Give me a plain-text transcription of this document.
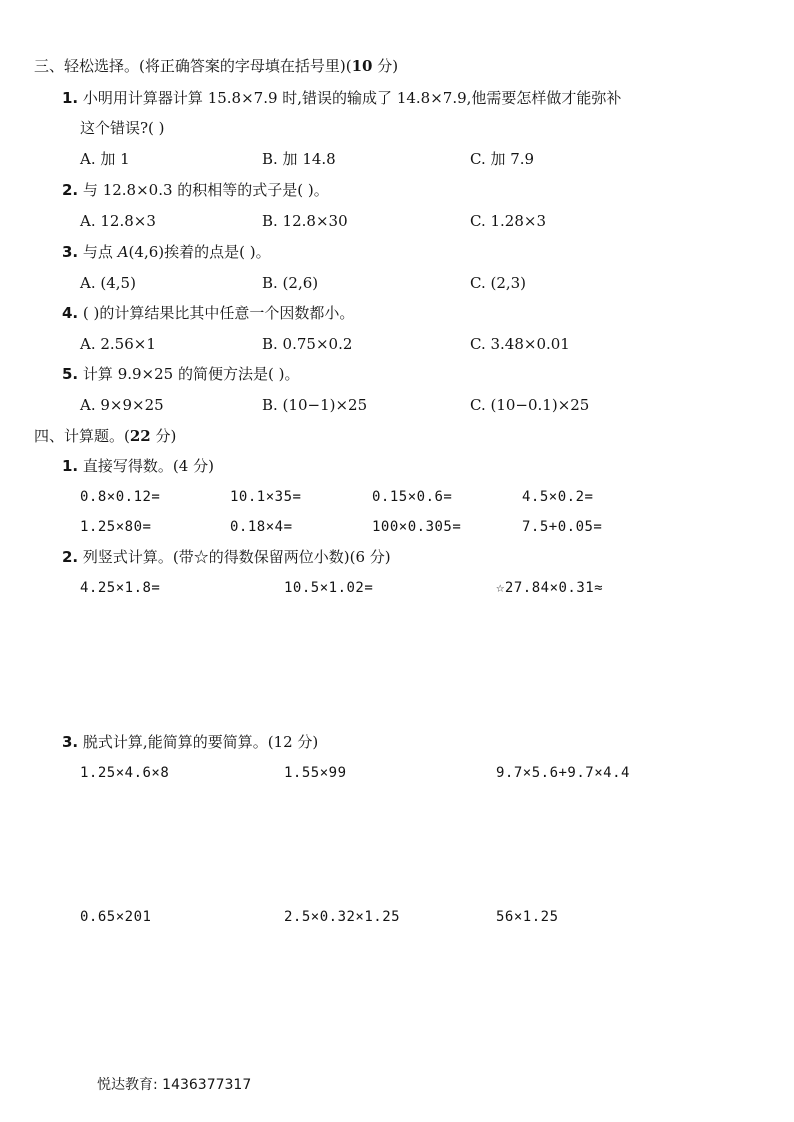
三、轻松选择。(将正确答案的字母填在括号里)(10 分)
1. 小明用计算器计算 15.8×7.9 时,错误的输成了 14.8×7.9,他需要怎样做才能弥补
这个错误?( )
A. 加 1	B. 加 14.8	C. 加 7.9
2. 与 12.8×0.3 的积相等的式子是( )。
A. 12.8×3	B. 12.8×30	C. 1.28×3
3. 与点 A(4,6)挨着的点是( )。
A. (4,5)	B. (2,6)	C. (2,3)
4. ( )的计算结果比其中任意一个因数都小。
A. 2.56×1	B. 0.75×0.2	C. 3.48×0.01
5. 计算 9.9×25 的简便方法是( )。
A. 9×9×25	B. (10−1)×25	C. (10−0.1)×25
四、计算题。(22 分)
1. 直接写得数。(4 分)
0.8×0.12=	10.1×35=	0.15×0.6=	4.5×0.2=
1.25×80=	0.18×4=	100×0.305=	7.5+0.05=
2. 列竖式计算。(带☆的得数保留两位小数)(6 分)
4.25×1.8=	10.5×1.02=	☆27.84×0.31≈
3. 脱式计算,能简算的要简算。(12 分)
1.25×4.6×8	1.55×99	9.7×5.6+9.7×4.4
0.65×201	2.5×0.32×1.25	56×1.25
悦达教育: 1436377317
